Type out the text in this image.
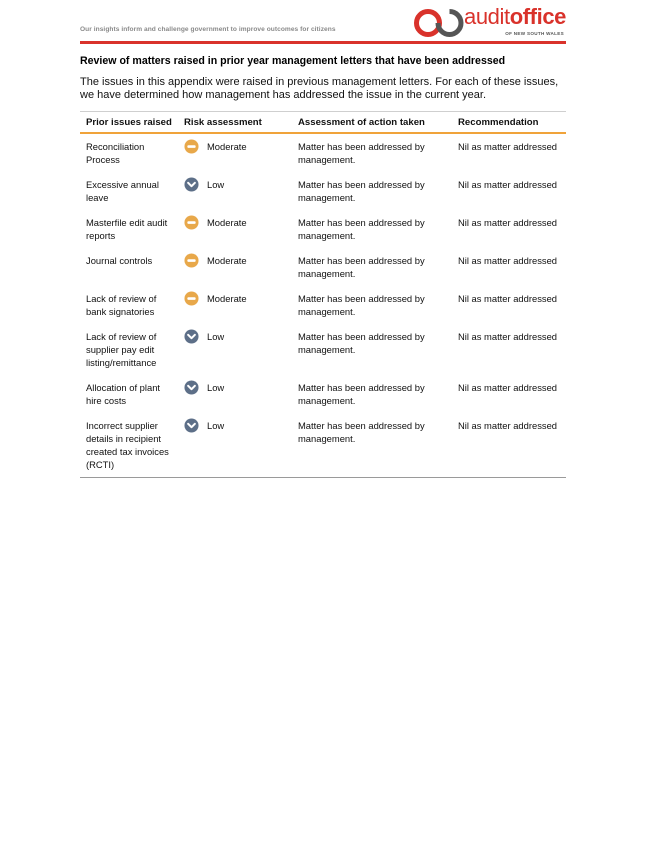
Our insights inform and challenge government to improve outcomes for citizens
auditoffice
OF NEW SOUTH WALES
Review of matters raised in prior year management letters that have been addressed
The issues in this appendix were raised in previous management letters. For each of these issues, we have determined how management has addressed the issue in the current year.
Prior issues raised	Risk assessment	Assessment of action taken	Recommendation
Reconciliation Process	Moderate	Matter has been addressed by management.	Nil as matter addressed
Excessive annual leave	Low	Matter has been addressed by management.	Nil as matter addressed
Masterfile edit audit reports	Moderate	Matter has been addressed by management.	Nil as matter addressed
Journal controls	Moderate	Matter has been addressed by management.	Nil as matter addressed
Lack of review of bank signatories	Moderate	Matter has been addressed by management.	Nil as matter addressed
Lack of review of supplier pay edit listing/remittance	Low	Matter has been addressed by management.	Nil as matter addressed
Allocation of plant hire costs	Low	Matter has been addressed by management.	Nil as matter addressed
Incorrect supplier details in recipient created tax invoices (RCTI)	Low	Matter has been addressed by management.	Nil as matter addressed
